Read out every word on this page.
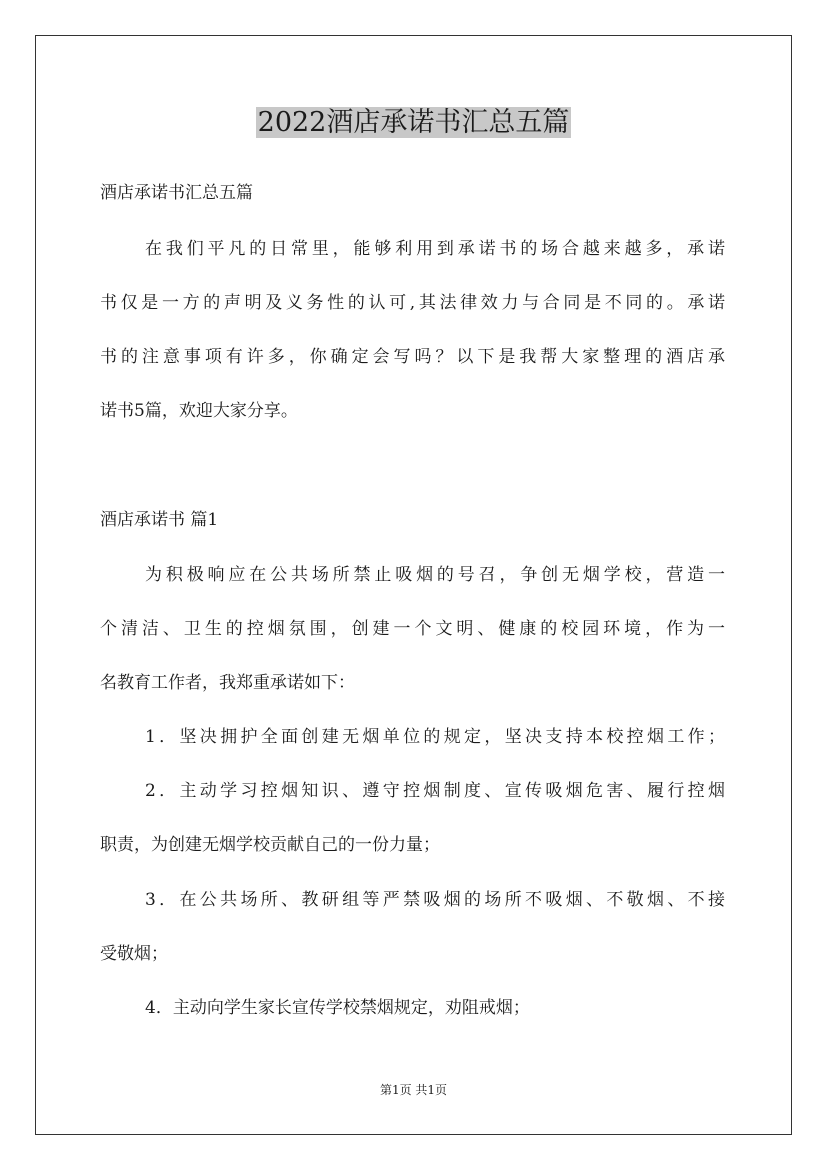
2022酒店承诺书汇总五篇
酒店承诺书汇总五篇
在我们平凡的日常里，能够利用到承诺书的场合越来越多，承诺
书仅是一方的声明及义务性的认可,其法律效力与合同是不同的。承诺
书的注意事项有许多，你确定会写吗？以下是我帮大家整理的酒店承
诺书5篇，欢迎大家分享。
酒店承诺书 篇1
为积极响应在公共场所禁止吸烟的号召，争创无烟学校，营造一
个清洁、卫生的控烟氛围，创建一个文明、健康的校园环境，作为一
名教育工作者，我郑重承诺如下：
1．坚决拥护全面创建无烟单位的规定，坚决支持本校控烟工作；
2．主动学习控烟知识、遵守控烟制度、宣传吸烟危害、履行控烟
职责，为创建无烟学校贡献自己的一份力量；
3．在公共场所、教研组等严禁吸烟的场所不吸烟、不敬烟、不接
受敬烟；
4．主动向学生家长宣传学校禁烟规定，劝阻戒烟；
第1页 共1页
